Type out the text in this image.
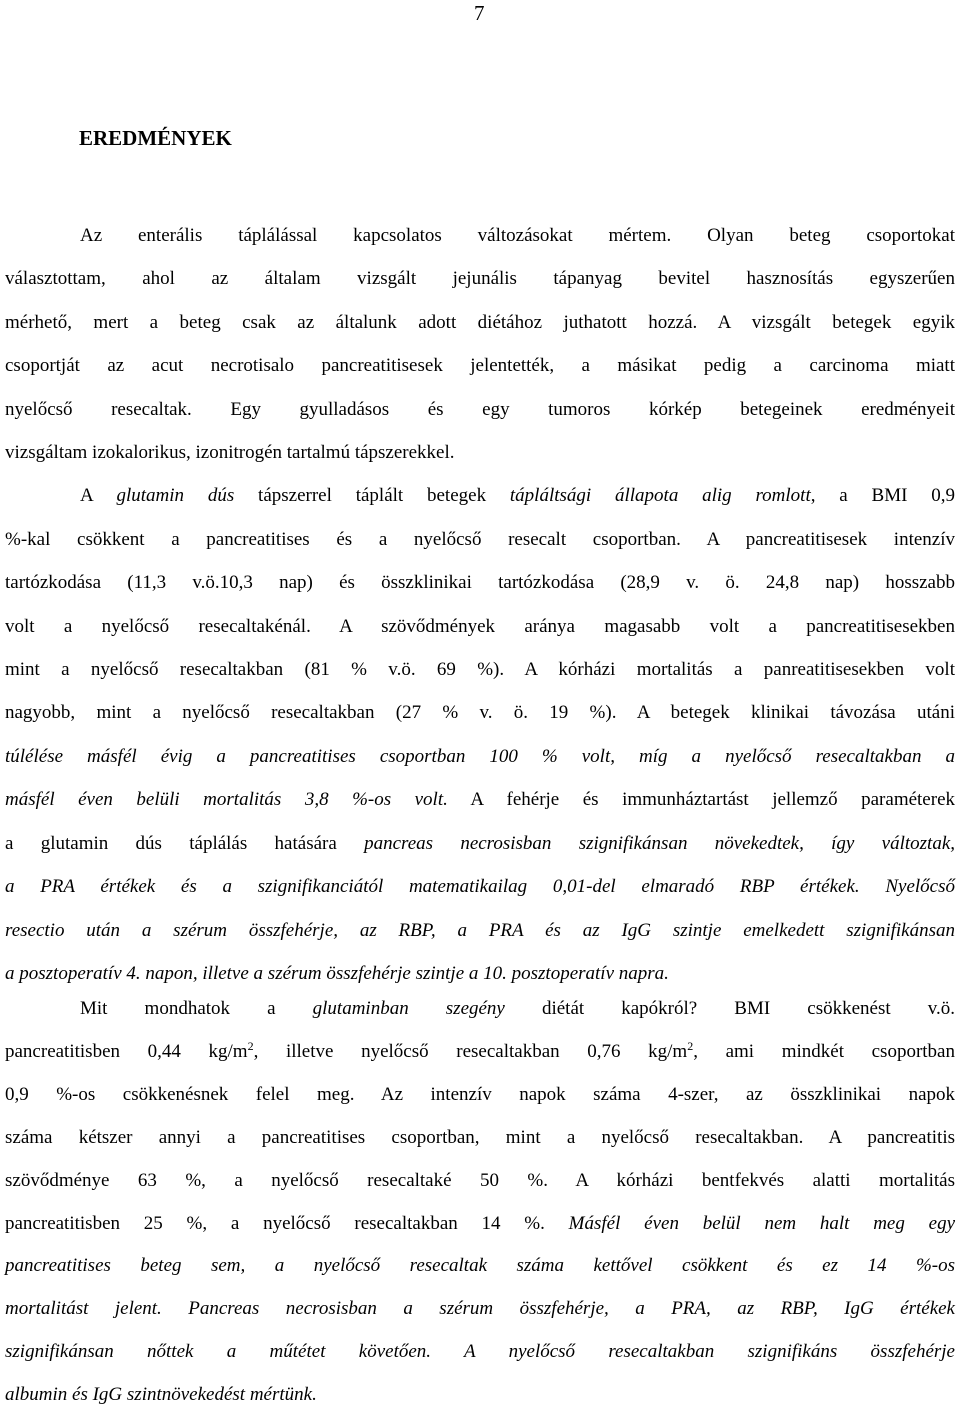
7
EREDMÉNYEK
Az enterális táplálással kapcsolatos változásokat mértem. Olyan beteg csoportokat
választottam, ahol az általam vizsgált jejunális tápanyag bevitel hasznosítás egyszerűen
mérhető, mert a beteg csak az általunk adott diétához juthatott hozzá. A vizsgált betegek egyik
csoportját az acut necrotisalo pancreatitisesek jelentették, a másikat pedig a carcinoma miatt
nyelőcső resecaltak. Egy gyulladásos és egy tumoros kórkép betegeinek eredményeit
vizsgáltam izokalorikus, izonitrogén tartalmú tápszerekkel.
A glutamin dús tápszerrel táplált betegek tápláltsági állapota alig romlott, a BMI 0,9
%-kal csökkent a pancreatitises és a nyelőcső resecalt csoportban. A pancreatitisesek intenzív
tartózkodása (11,3 v.ö.10,3 nap) és összklinikai tartózkodása (28,9 v. ö. 24,8 nap) hosszabb
volt a nyelőcső resecaltakénál. A szövődmények aránya magasabb volt a pancreatitisesekben
mint a nyelőcső resecaltakban (81 % v.ö. 69 %). A kórházi mortalitás a panreatitisesekben volt
nagyobb, mint a nyelőcső resecaltakban (27 % v. ö. 19 %). A betegek klinikai távozása utáni
túlélése másfél évig a pancreatitises csoportban 100 % volt, míg a nyelőcső resecaltakban a
másfél éven belüli mortalitás 3,8 %-os volt. A fehérje és immunháztartást jellemző paraméterek
a glutamin dús táplálás hatására pancreas necrosisban szignifikánsan növekedtek, így változtak,
a PRA értékek és a szignifikanciától matematikailag 0,01-del elmaradó RBP értékek. Nyelőcső
resectio után a szérum összfehérje, az RBP, a PRA és az IgG szintje emelkedett szignifikánsan
a posztoperatív 4. napon, illetve a szérum összfehérje szintje a 10. posztoperatív napra.
Mit mondhatok a glutaminban szegény diétát kapókról? BMI csökkenést v.ö.
pancreatitisben 0,44 $kg/m^2$, illetve nyelőcső resecaltakban 0,76 $kg/m^2$, ami mindkét csoportban
0,9 %-os csökkenésnek felel meg. Az intenzív napok száma 4-szer, az összklinikai napok
száma kétszer annyi a pancreatitises csoportban, mint a nyelőcső resecaltakban. A pancreatitis
szövődménye 63 %, a nyelőcső resecaltaké 50 %. A kórházi bentfekvés alatti mortalitás
pancreatitisben 25 %, a nyelőcső resecaltakban 14 %. Másfél éven belül nem halt meg egy
pancreatitises beteg sem, a nyelőcső resecaltak száma kettővel csökkent és ez 14 %-os
mortalitást jelent. Pancreas necrosisban a szérum összfehérje, a PRA, az RBP, IgG értékek
szignifikánsan nőttek a műtétet követően. A nyelőcső resecaltakban szignifikáns összfehérje
albumin és IgG szintnövekedést mértünk.
